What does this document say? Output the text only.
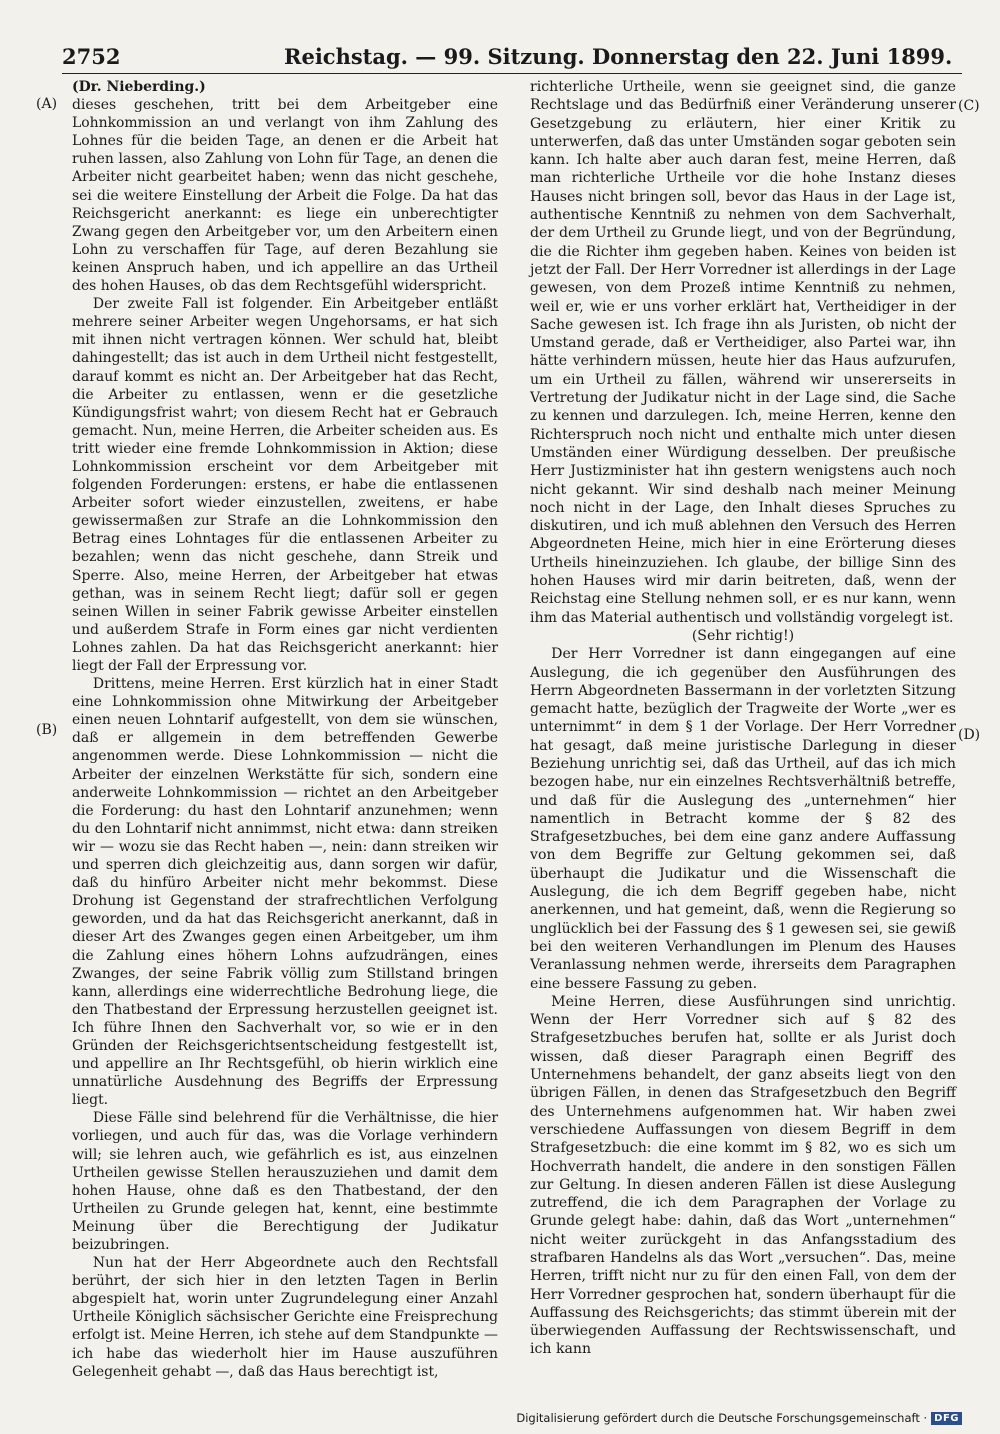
2752	Reichstag. — 99. Sitzung. Donnerstag den 22. Juni 1899.
(A)
(B)
(C)
(D)

(Dr. Nieberding.)

dieses geschehen, tritt bei dem Arbeitgeber eine Lohnkommission an und verlangt von ihm Zahlung des Lohnes für die beiden Tage, an denen er die Arbeit hat ruhen lassen, also Zahlung von Lohn für Tage, an denen die Arbeiter nicht gearbeitet haben; wenn das nicht geschehe, sei die weitere Einstellung der Arbeit die Folge. Da hat das Reichsgericht anerkannt: es liege ein unberechtigter Zwang gegen den Arbeitgeber vor, um den Arbeitern einen Lohn zu verschaffen für Tage, auf deren Bezahlung sie keinen Anspruch haben, und ich appellire an das Urtheil des hohen Hauses, ob das dem Rechtsgefühl widerspricht.

Der zweite Fall ist folgender. Ein Arbeitgeber entläßt mehrere seiner Arbeiter wegen Ungehorsams, er hat sich mit ihnen nicht vertragen können. Wer schuld hat, bleibt dahingestellt; das ist auch in dem Urtheil nicht festgestellt, darauf kommt es nicht an. Der Arbeitgeber hat das Recht, die Arbeiter zu entlassen, wenn er die gesetzliche Kündigungsfrist wahrt; von diesem Recht hat er Gebrauch gemacht. Nun, meine Herren, die Arbeiter scheiden aus. Es tritt wieder eine fremde Lohnkommission in Aktion; diese Lohnkommission erscheint vor dem Arbeitgeber mit folgenden Forderungen: erstens, er habe die entlassenen Arbeiter sofort wieder einzustellen, zweitens, er habe gewissermaßen zur Strafe an die Lohnkommission den Betrag eines Lohntages für die entlassenen Arbeiter zu bezahlen; wenn das nicht geschehe, dann Streik und Sperre. Also, meine Herren, der Arbeitgeber hat etwas gethan, was in seinem Recht liegt; dafür soll er gegen seinen Willen in seiner Fabrik gewisse Arbeiter einstellen und außerdem Strafe in Form eines gar nicht verdienten Lohnes zahlen. Da hat das Reichsgericht anerkannt: hier liegt der Fall der Erpressung vor.

Drittens, meine Herren. Erst kürzlich hat in einer Stadt eine Lohnkommission ohne Mitwirkung der Arbeitgeber einen neuen Lohntarif aufgestellt, von dem sie wünschen, daß er allgemein in dem betreffenden Gewerbe angenommen werde. Diese Lohnkommission — nicht die Arbeiter der einzelnen Werkstätte für sich, sondern eine anderweite Lohnkommission — richtet an den Arbeitgeber die Forderung: du hast den Lohntarif anzunehmen; wenn du den Lohntarif nicht annimmst, nicht etwa: dann streiken wir — wozu sie das Recht haben —, nein: dann streiken wir und sperren dich gleichzeitig aus, dann sorgen wir dafür, daß du hinfüro Arbeiter nicht mehr bekommst. Diese Drohung ist Gegenstand der strafrechtlichen Verfolgung geworden, und da hat das Reichsgericht anerkannt, daß in dieser Art des Zwanges gegen einen Arbeitgeber, um ihm die Zahlung eines höhern Lohns aufzudrängen, eines Zwanges, der seine Fabrik völlig zum Stillstand bringen kann, allerdings eine widerrechtliche Bedrohung liege, die den Thatbestand der Erpressung herzustellen geeignet ist. Ich führe Ihnen den Sachverhalt vor, so wie er in den Gründen der Reichsgerichtsentscheidung festgestellt ist, und appellire an Ihr Rechtsgefühl, ob hierin wirklich eine unnatürliche Ausdehnung des Begriffs der Erpressung liegt.

Diese Fälle sind belehrend für die Verhältnisse, die hier vorliegen, und auch für das, was die Vorlage verhindern will; sie lehren auch, wie gefährlich es ist, aus einzelnen Urtheilen gewisse Stellen herauszuziehen und damit dem hohen Hause, ohne daß es den Thatbestand, der den Urtheilen zu Grunde gelegen hat, kennt, eine bestimmte Meinung über die Berechtigung der Judikatur beizubringen.

Nun hat der Herr Abgeordnete auch den Rechtsfall berührt, der sich hier in den letzten Tagen in Berlin abgespielt hat, worin unter Zugrundelegung einer Anzahl Urtheile Königlich sächsischer Gerichte eine Freisprechung erfolgt ist. Meine Herren, ich stehe auf dem Standpunkte — ich habe das wiederholt hier im Hause auszuführen Gelegenheit gehabt —, daß das Haus berechtigt ist,

richterliche Urtheile, wenn sie geeignet sind, die ganze Rechtslage und das Bedürfniß einer Veränderung unserer Gesetzgebung zu erläutern, hier einer Kritik zu unterwerfen, daß das unter Umständen sogar geboten sein kann. Ich halte aber auch daran fest, meine Herren, daß man richterliche Urtheile vor die hohe Instanz dieses Hauses nicht bringen soll, bevor das Haus in der Lage ist, authentische Kenntniß zu nehmen von dem Sachverhalt, der dem Urtheil zu Grunde liegt, und von der Begründung, die die Richter ihm gegeben haben. Keines von beiden ist jetzt der Fall. Der Herr Vorredner ist allerdings in der Lage gewesen, von dem Prozeß intime Kenntniß zu nehmen, weil er, wie er uns vorher erklärt hat, Vertheidiger in der Sache gewesen ist. Ich frage ihn als Juristen, ob nicht der Umstand gerade, daß er Vertheidiger, also Partei war, ihn hätte verhindern müssen, heute hier das Haus aufzurufen, um ein Urtheil zu fällen, während wir unsererseits in Vertretung der Judikatur nicht in der Lage sind, die Sache zu kennen und darzulegen. Ich, meine Herren, kenne den Richterspruch noch nicht und enthalte mich unter diesen Umständen einer Würdigung desselben. Der preußische Herr Justizminister hat ihn gestern wenigstens auch noch nicht gekannt. Wir sind deshalb nach meiner Meinung noch nicht in der Lage, den Inhalt dieses Spruches zu diskutiren, und ich muß ablehnen den Versuch des Herren Abgeordneten Heine, mich hier in eine Erörterung dieses Urtheils hineinzuziehen. Ich glaube, der billige Sinn des hohen Hauses wird mir darin beitreten, daß, wenn der Reichstag eine Stellung nehmen soll, er es nur kann, wenn ihm das Material authentisch und vollständig vorgelegt ist.

(Sehr richtig!)

Der Herr Vorredner ist dann eingegangen auf eine Auslegung, die ich gegenüber den Ausführungen des Herrn Abgeordneten Bassermann in der vorletzten Sitzung gemacht hatte, bezüglich der Tragweite der Worte „wer es unternimmt“ in dem § 1 der Vorlage. Der Herr Vorredner hat gesagt, daß meine juristische Darlegung in dieser Beziehung unrichtig sei, daß das Urtheil, auf das ich mich bezogen habe, nur ein einzelnes Rechtsverhältniß betreffe, und daß für die Auslegung des „unternehmen“ hier namentlich in Betracht komme der § 82 des Strafgesetzbuches, bei dem eine ganz andere Auffassung von dem Begriffe zur Geltung gekommen sei, daß überhaupt die Judikatur und die Wissenschaft die Auslegung, die ich dem Begriff gegeben habe, nicht anerkennen, und hat gemeint, daß, wenn die Regierung so unglücklich bei der Fassung des § 1 gewesen sei, sie gewiß bei den weiteren Verhandlungen im Plenum des Hauses Veranlassung nehmen werde, ihrerseits dem Paragraphen eine bessere Fassung zu geben.

Meine Herren, diese Ausführungen sind unrichtig. Wenn der Herr Vorredner sich auf § 82 des Strafgesetzbuches berufen hat, sollte er als Jurist doch wissen, daß dieser Paragraph einen Begriff des Unternehmens behandelt, der ganz abseits liegt von den übrigen Fällen, in denen das Strafgesetzbuch den Begriff des Unternehmens aufgenommen hat. Wir haben zwei verschiedene Auffassungen von diesem Begriff in dem Strafgesetzbuch: die eine kommt im § 82, wo es sich um Hochverrath handelt, die andere in den sonstigen Fällen zur Geltung. In diesen anderen Fällen ist diese Auslegung zutreffend, die ich dem Paragraphen der Vorlage zu Grunde gelegt habe: dahin, daß das Wort „unternehmen“ nicht weiter zurückgeht in das Anfangsstadium des strafbaren Handelns als das Wort „versuchen“. Das, meine Herren, trifft nicht nur zu für den einen Fall, von dem der Herr Vorredner gesprochen hat, sondern überhaupt für die Auffassung des Reichsgerichts; das stimmt überein mit der überwiegenden Auffassung der Rechtswissenschaft, und ich kann

Digitalisierung gefördert durch die Deutsche Forschungsgemeinschaft · DFG
